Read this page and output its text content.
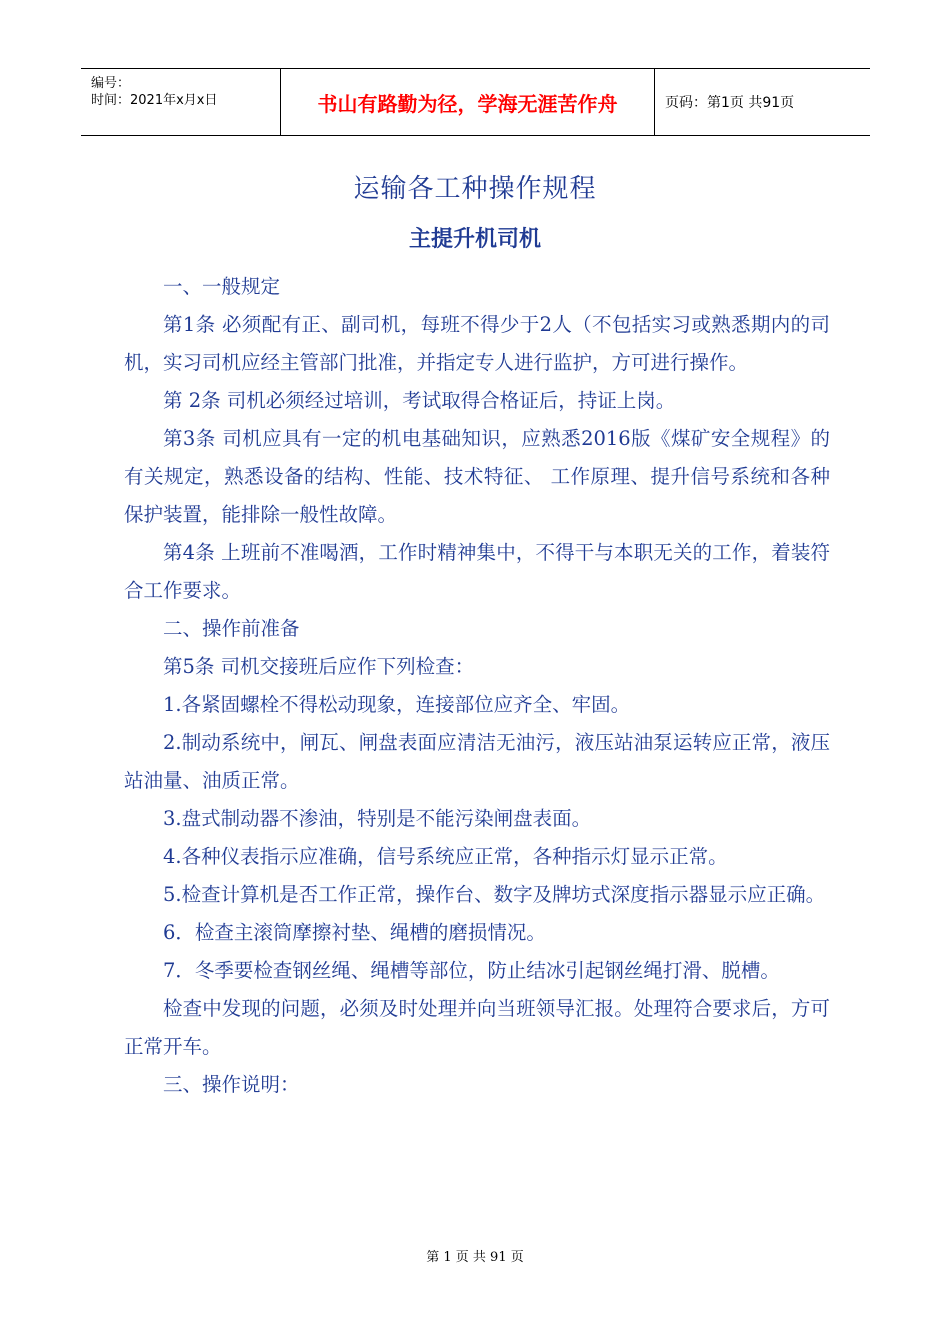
编号：
时间：2021年x月x日	书山有路勤为径，学海无涯苦作舟	页码：第1页 共91页
运输各工种操作规程
主提升机司机

一、一般规定

第1条 必须配有正、副司机，每班不得少于2人（不包括实习或熟悉期内的司机，实习司机应经主管部门批准，并指定专人进行监护，方可进行操作。

第 2条 司机必须经过培训，考试取得合格证后，持证上岗。

第3条 司机应具有一定的机电基础知识，应熟悉2016版《煤矿安全规程》的有关规定，熟悉设备的结构、性能、技术特征、 工作原理、提升信号系统和各种保护装置，能排除一般性故障。

第4条 上班前不准喝酒，工作时精神集中，不得干与本职无关的工作，着装符合工作要求。

二、操作前准备

第5条 司机交接班后应作下列检查：

1.各紧固螺栓不得松动现象，连接部位应齐全、牢固。

2.制动系统中，闸瓦、闸盘表面应清洁无油污，液压站油泵运转应正常，液压站油量、油质正常。

3.盘式制动器不渗油，特别是不能污染闸盘表面。

4.各种仪表指示应准确，信号系统应正常，各种指示灯显示正常。

5.检查计算机是否工作正常，操作台、数字及牌坊式深度指示器显示应正确。

6．检查主滚筒摩擦衬垫、绳槽的磨损情况。

7．冬季要检查钢丝绳、绳槽等部位，防止结冰引起钢丝绳打滑、脱槽。

检查中发现的问题，必须及时处理并向当班领导汇报。处理符合要求后，方可正常开车。

三、操作说明：

第 1 页 共 91 页
